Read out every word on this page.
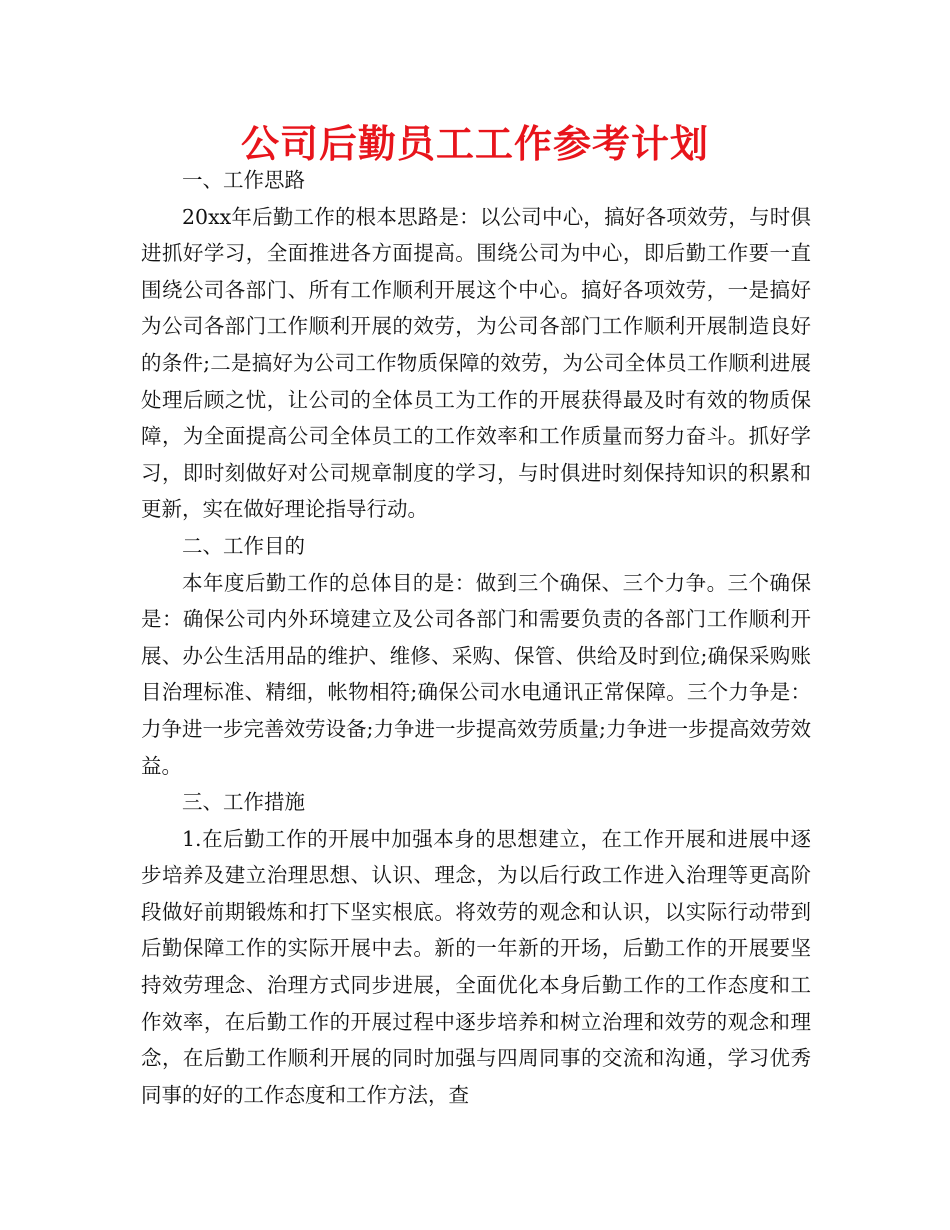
公司后勤员工工作参考计划

一、工作思路

20xx年后勤工作的根本思路是：以公司中心，搞好各项效劳，与时俱进抓好学习，全面推进各方面提高。围绕公司为中心，即后勤工作要一直围绕公司各部门、所有工作顺利开展这个中心。搞好各项效劳，一是搞好为公司各部门工作顺利开展的效劳，为公司各部门工作顺利开展制造良好的条件;二是搞好为公司工作物质保障的效劳，为公司全体员工作顺利进展处理后顾之忧，让公司的全体员工为工作的开展获得最及时有效的物质保障，为全面提高公司全体员工的工作效率和工作质量而努力奋斗。抓好学习，即时刻做好对公司规章制度的学习，与时俱进时刻保持知识的积累和更新，实在做好理论指导行动。

二、工作目的

本年度后勤工作的总体目的是：做到三个确保、三个力争。三个确保是：确保公司内外环境建立及公司各部门和需要负责的各部门工作顺利开展、办公生活用品的维护、维修、采购、保管、供给及时到位;确保采购账目治理标准、精细，帐物相符;确保公司水电通讯正常保障。三个力争是：力争进一步完善效劳设备;力争进一步提高效劳质量;力争进一步提高效劳效益。

三、工作措施

1.在后勤工作的开展中加强本身的思想建立，在工作开展和进展中逐步培养及建立治理思想、认识、理念，为以后行政工作进入治理等更高阶段做好前期锻炼和打下坚实根底。将效劳的观念和认识，以实际行动带到后勤保障工作的实际开展中去。新的一年新的开场，后勤工作的开展要坚持效劳理念、治理方式同步进展，全面优化本身后勤工作的工作态度和工作效率，在后勤工作的开展过程中逐步培养和树立治理和效劳的观念和理念，在后勤工作顺利开展的同时加强与四周同事的交流和沟通，学习优秀同事的好的工作态度和工作方法，查
